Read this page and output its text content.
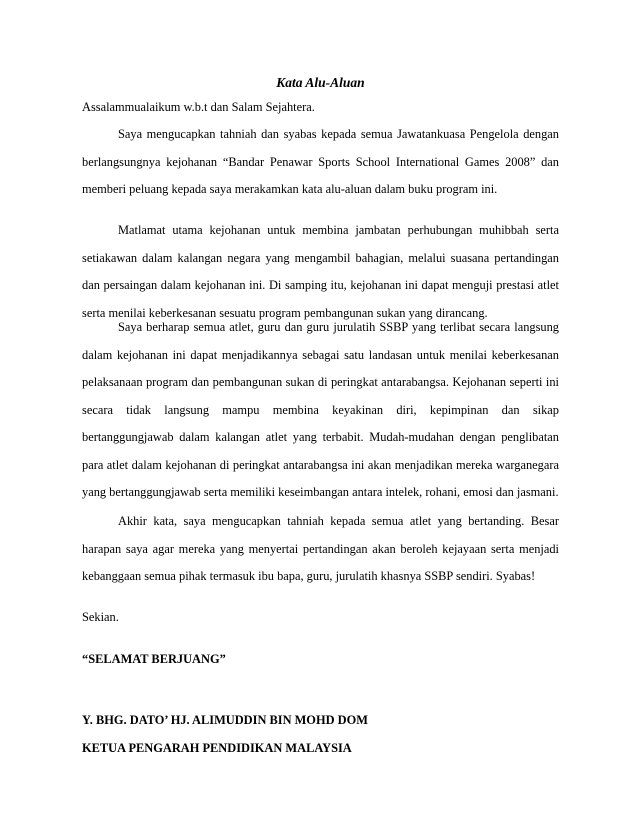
Kata Alu-Aluan

Assalammualaikum w.b.t dan Salam Sejahtera.

Saya mengucapkan tahniah dan syabas kepada semua Jawatankuasa Pengelola dengan berlangsungnya kejohanan “Bandar Penawar Sports School International Games 2008” dan memberi peluang kepada saya merakamkan kata alu-aluan dalam buku program ini.

Matlamat utama kejohanan untuk membina jambatan perhubungan muhibbah serta setiakawan dalam kalangan negara yang mengambil bahagian, melalui suasana pertandingan dan persaingan dalam kejohanan ini. Di samping itu, kejohanan ini dapat menguji prestasi atlet serta menilai keberkesanan sesuatu program pembangunan sukan yang dirancang.

Saya berharap semua atlet, guru dan guru jurulatih SSBP yang terlibat secara langsung dalam kejohanan ini dapat menjadikannya sebagai satu landasan untuk menilai keberkesanan pelaksanaan program dan pembangunan sukan di peringkat antarabangsa. Kejohanan seperti ini secara tidak langsung mampu membina keyakinan diri, kepimpinan dan sikap bertanggungjawab dalam kalangan atlet yang terbabit. Mudah-mudahan dengan penglibatan para atlet dalam kejohanan di peringkat antarabangsa ini akan menjadikan mereka warganegara yang bertanggungjawab serta memiliki keseimbangan antara intelek, rohani, emosi dan jasmani.

Akhir kata, saya mengucapkan tahniah kepada semua atlet yang bertanding. Besar harapan saya agar mereka yang menyertai pertandingan akan beroleh kejayaan serta menjadi kebanggaan semua pihak termasuk ibu bapa, guru, jurulatih khasnya SSBP sendiri. Syabas!

Sekian.

“SELAMAT BERJUANG”

Y. BHG. DATO’ HJ. ALIMUDDIN BIN MOHD DOM

KETUA PENGARAH PENDIDIKAN MALAYSIA
